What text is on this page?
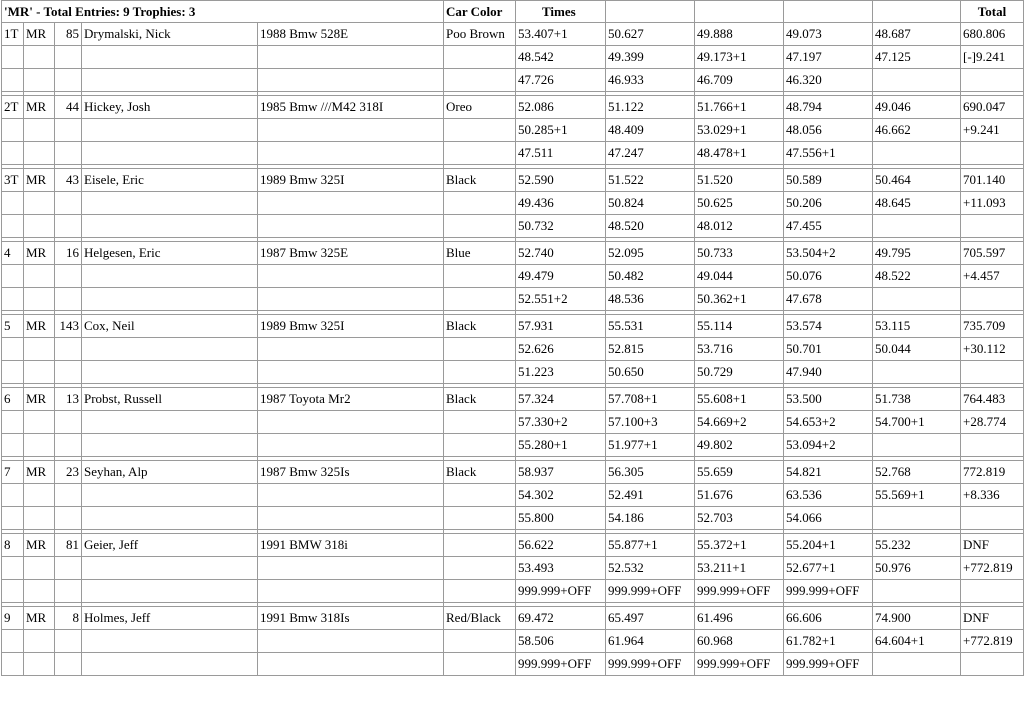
'MR' - Total Entries: 9 Trophies: 3					Car Color	Times					Total
1T	MR	85	Drymalski, Nick	1988 Bmw 528E	Poo Brown	53.407+1	50.627	49.888	49.073	48.687	680.806
						48.542	49.399	49.173+1	47.197	47.125	[-]9.241
						47.726	46.933	46.709	46.320		

2T	MR	44	Hickey, Josh	1985 Bmw ///M42 318I	Oreo	52.086	51.122	51.766+1	48.794	49.046	690.047
						50.285+1	48.409	53.029+1	48.056	46.662	+9.241
						47.511	47.247	48.478+1	47.556+1		

3T	MR	43	Eisele, Eric	1989 Bmw 325I	Black	52.590	51.522	51.520	50.589	50.464	701.140
						49.436	50.824	50.625	50.206	48.645	+11.093
						50.732	48.520	48.012	47.455		

4	MR	16	Helgesen, Eric	1987 Bmw 325E	Blue	52.740	52.095	50.733	53.504+2	49.795	705.597
						49.479	50.482	49.044	50.076	48.522	+4.457
						52.551+2	48.536	50.362+1	47.678		

5	MR	143	Cox, Neil	1989 Bmw 325I	Black	57.931	55.531	55.114	53.574	53.115	735.709
						52.626	52.815	53.716	50.701	50.044	+30.112
						51.223	50.650	50.729	47.940		

6	MR	13	Probst, Russell	1987 Toyota Mr2	Black	57.324	57.708+1	55.608+1	53.500	51.738	764.483
						57.330+2	57.100+3	54.669+2	54.653+2	54.700+1	+28.774
						55.280+1	51.977+1	49.802	53.094+2		

7	MR	23	Seyhan, Alp	1987 Bmw 325Is	Black	58.937	56.305	55.659	54.821	52.768	772.819
						54.302	52.491	51.676	63.536	55.569+1	+8.336
						55.800	54.186	52.703	54.066		

8	MR	81	Geier, Jeff	1991 BMW 318i		56.622	55.877+1	55.372+1	55.204+1	55.232	DNF
						53.493	52.532	53.211+1	52.677+1	50.976	+772.819
						999.999+OFF	999.999+OFF	999.999+OFF	999.999+OFF		

9	MR	8	Holmes, Jeff	1991 Bmw 318Is	Red/Black	69.472	65.497	61.496	66.606	74.900	DNF
						58.506	61.964	60.968	61.782+1	64.604+1	+772.819
						999.999+OFF	999.999+OFF	999.999+OFF	999.999+OFF		
